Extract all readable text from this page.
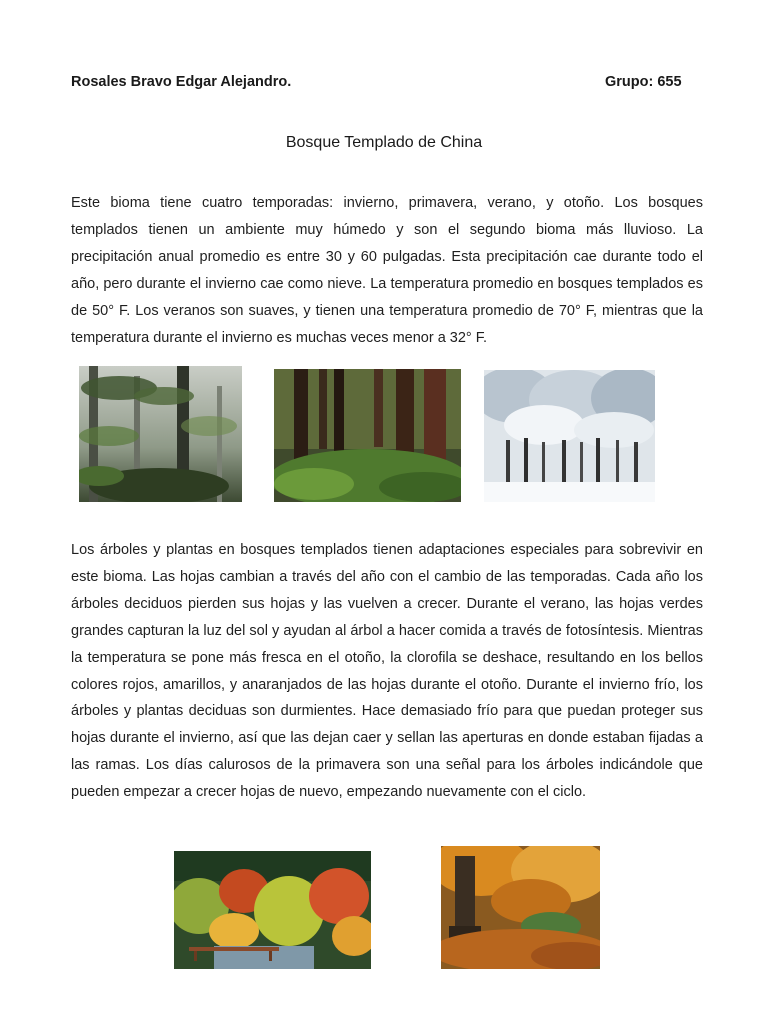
Rosales Bravo Edgar Alejandro.	Grupo: 655
Bosque Templado de China

Este bioma tiene cuatro temporadas: invierno, primavera, verano, y otoño. Los bosques templados tienen un ambiente muy húmedo y son el segundo bioma más lluvioso. La precipitación anual promedio es entre 30 y 60 pulgadas. Esta precipitación cae durante todo el año, pero durante el invierno cae como nieve. La temperatura promedio en bosques templados es de 50° F. Los veranos son suaves, y tienen una temperatura promedio de 70° F, mientras que la temperatura durante el invierno es muchas veces menor a 32° F.

Los árboles y plantas en bosques templados tienen adaptaciones especiales para sobrevivir en este bioma. Las hojas cambian a través del año con el cambio de las temporadas. Cada año los árboles deciduos pierden sus hojas y las vuelven a crecer. Durante el verano, las hojas verdes grandes capturan la luz del sol y ayudan al árbol a hacer comida a través de fotosíntesis. Mientras la temperatura se pone más fresca en el otoño, la clorofila se deshace, resultando en los bellos colores rojos, amarillos, y anaranjados de las hojas durante el otoño. Durante el invierno frío, los árboles y plantas deciduas son durmientes. Hace demasiado frío para que puedan proteger sus hojas durante el invierno, así que las dejan caer y sellan las aperturas en donde estaban fijadas a las ramas. Los días calurosos de la primavera son una señal para los árboles indicándole que pueden empezar a crecer hojas de nuevo, empezando nuevamente con el ciclo.
